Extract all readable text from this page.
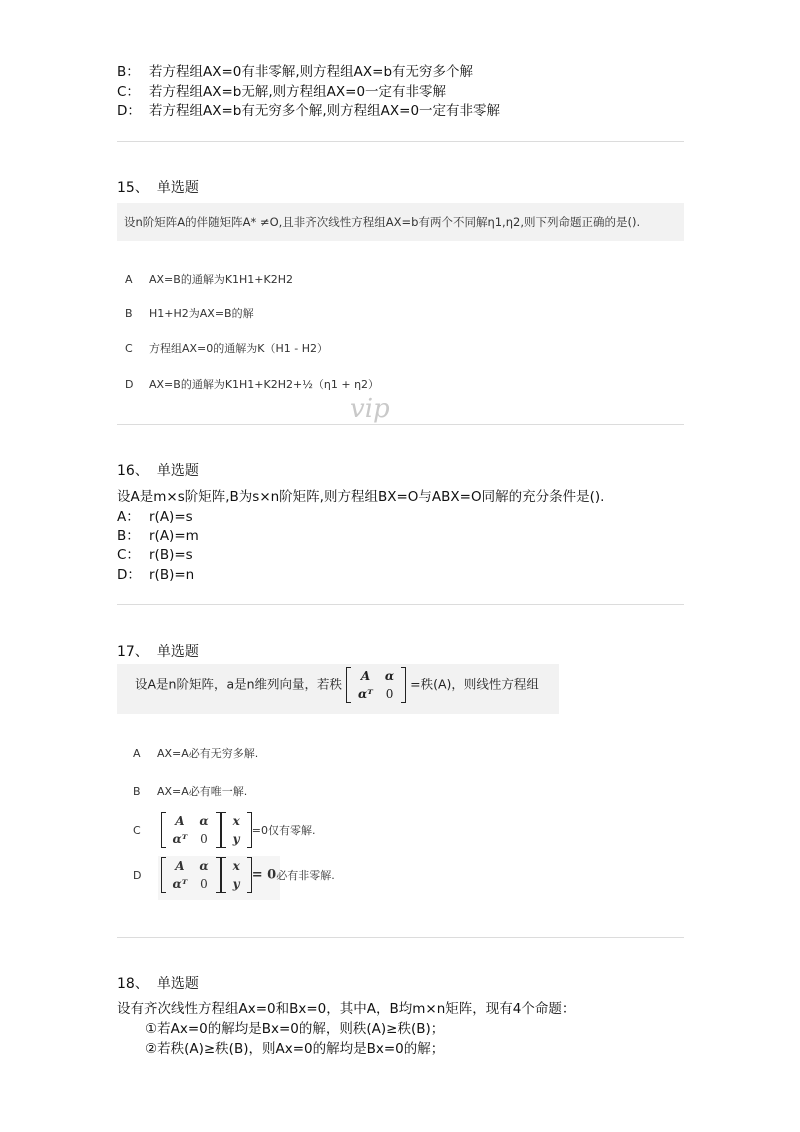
B： 若方程组AX=0有非零解,则方程组AX=b有无穷多个解
C： 若方程组AX=b无解,则方程组AX=0一定有非零解
D： 若方程组AX=b有无穷多个解,则方程组AX=0一定有非零解
15、 单选题
设n阶矩阵A的伴随矩阵A* ≠O,且非齐次线性方程组AX=b有两个不同解η1,η2,则下列命题正确的是().
A AX=B的通解为K1H1+K2H2
B H1+H2为AX=B的解
C 方程组AX=0的通解为K（H1 - H2）
D AX=B的通解为K1H1+K2H2+½（η1 + η2）
vip
16、 单选题
设A是m×s阶矩阵,B为s×n阶矩阵,则方程组BX=O与ABX=O同解的充分条件是().
A： r(A)=s
B： r(A)=m
C： r(B)=s
D： r(B)=n
17、 单选题
设A是n阶矩阵，a是n维列向量，若秩
A	α
αᵀ	0
=秩(A)，则线性方程组
A AX=A必有无穷多解.
B AX=A必有唯一解.
C
A	α
αᵀ	0
x
y
=0仅有零解.
D
A	α
αᵀ	0
x
y
= 0必有非零解.
18、 单选题
设有齐次线性方程组Ax=0和Bx=0，其中A，B均m×n矩阵，现有4个命题：
①若Ax=0的解均是Bx=0的解，则秩(A)≥秩(B)；
②若秩(A)≥秩(B)，则Ax=0的解均是Bx=0的解；
